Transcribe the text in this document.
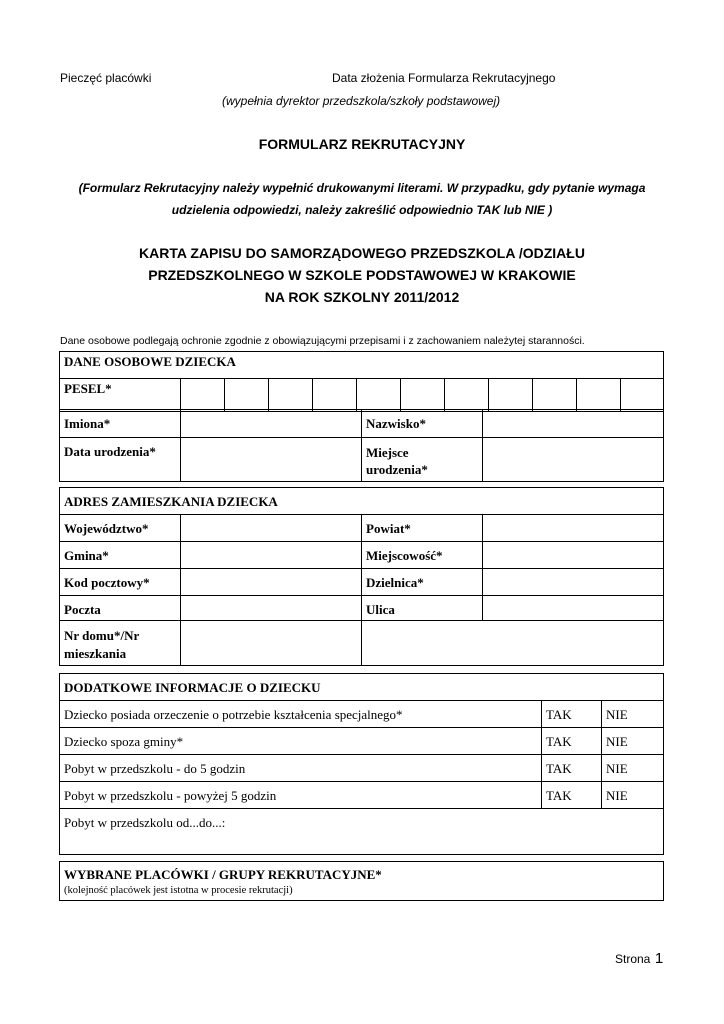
Pieczęć placówki	Data złożenia Formularza Rekrutacyjnego
(wypełnia dyrektor przedszkola/szkoły podstawowej)
FORMULARZ REKRUTACYJNY
(Formularz Rekrutacyjny należy wypełnić drukowanymi literami. W przypadku, gdy pytanie wymaga
udzielenia odpowiedzi, należy zakreślić odpowiednio TAK lub NIE )
KARTA ZAPISU DO SAMORZĄDOWEGO PRZEDSZKOLA /ODZIAŁU
PRZEDSZKOLNEGO W SZKOLE PODSTAWOWEJ W KRAKOWIE
NA ROK SZKOLNY 2011/2012
Dane osobowe podlegają ochronie zgodnie z obowiązującymi przepisami i z zachowaniem należytej staranności.
DANE OSOBOWE DZIECKA
PESEL*											
Imiona*		Nazwisko*	
Data urodzenia*		Miejsce
urodzenia*	
ADRES ZAMIESZKANIA DZIECKA			
Województwo*		Powiat*	
Gmina*		Miejscowość*	
Kod pocztowy*		Dzielnica*	
Poczta		Ulica	
Nr domu*/Nr
mieszkania			
DODATKOWE INFORMACJE O DZIECKU		
Dziecko posiada orzeczenie o potrzebie kształcenia specjalnego*	TAK	NIE
Dziecko spoza gminy*	TAK	NIE
Pobyt w przedszkolu - do 5 godzin	TAK	NIE
Pobyt w przedszkolu - powyżej 5 godzin	TAK	NIE
Pobyt w przedszkolu od...do...:		
WYBRANE PLACÓWKI / GRUPY REKRUTACYJNE*
(kolejność placówek jest istotna w procesie rekrutacji)
Strona 1
